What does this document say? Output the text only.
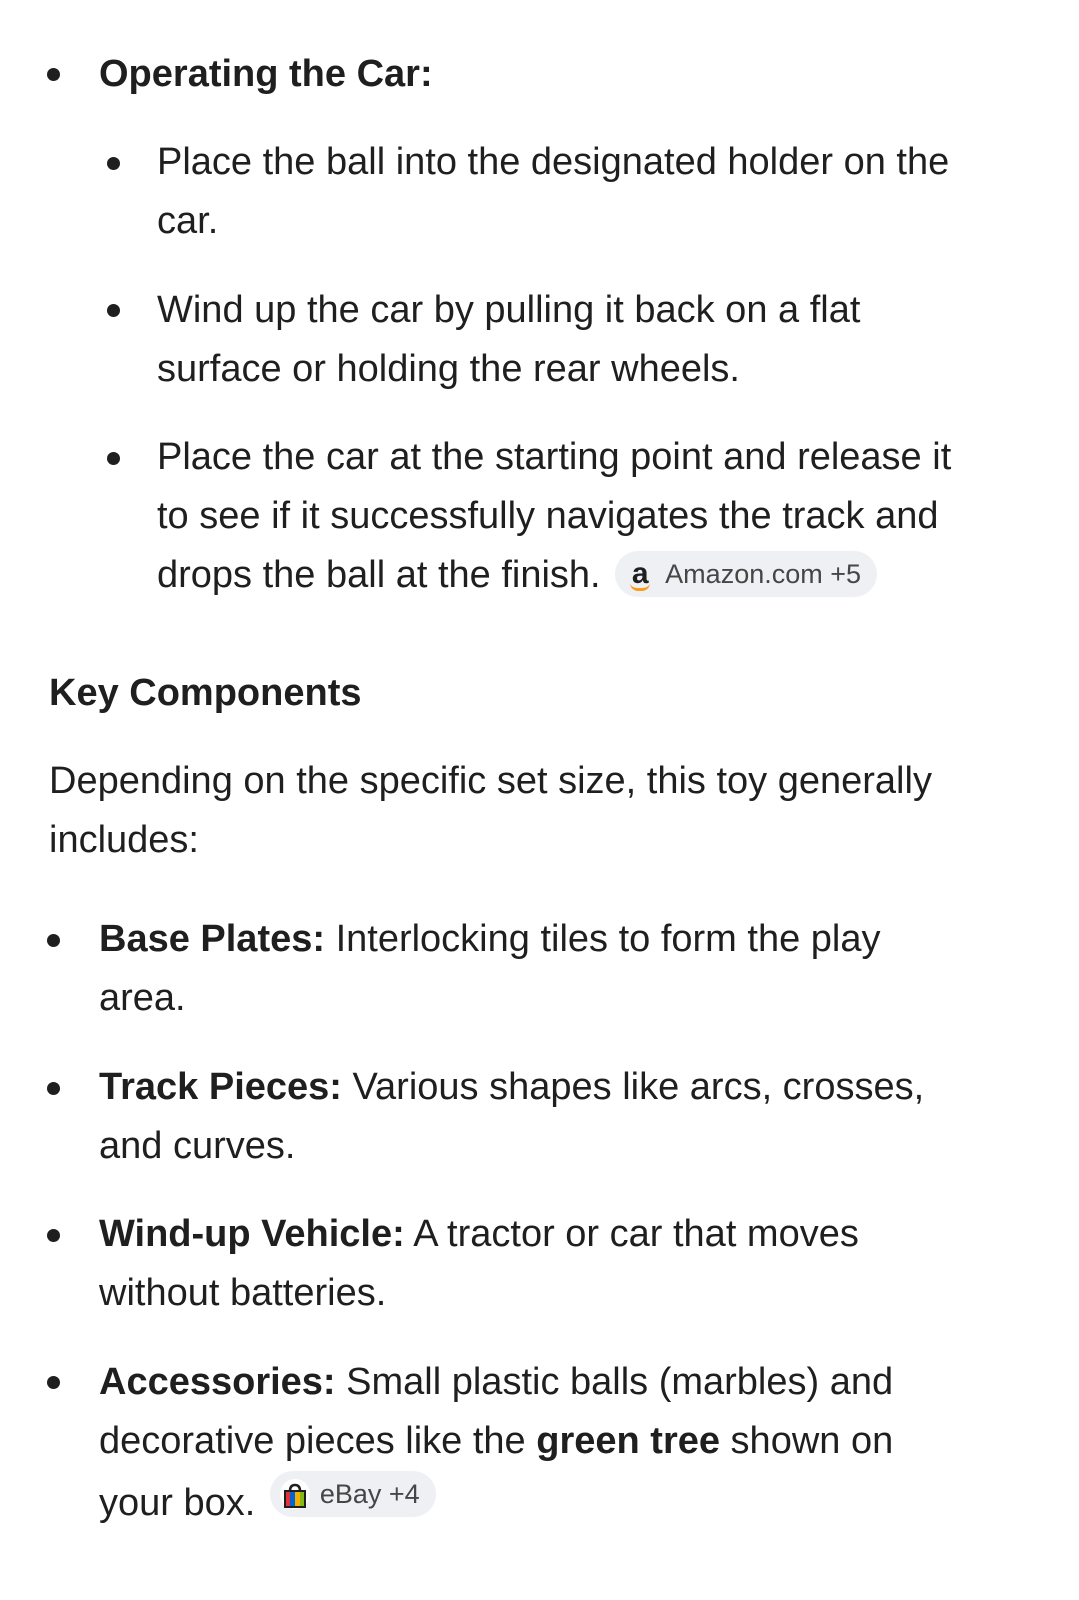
Operating the Car:
Place the ball into the designated holder on the
car.
Wind up the car by pulling it back on a flat
surface or holding the rear wheels.
Place the car at the starting point and release it
to see if it successfully navigates the track and
drops the ball at the finish. a Amazon.com +5
Key Components
Depending on the specific set size, this toy generally
includes:
Base Plates: Interlocking tiles to form the play
area.
Track Pieces: Various shapes like arcs, crosses,
and curves.
Wind-up Vehicle: A tractor or car that moves
without batteries.
Accessories: Small plastic balls (marbles) and
decorative pieces like the green tree shown on
your box. eBay +4
